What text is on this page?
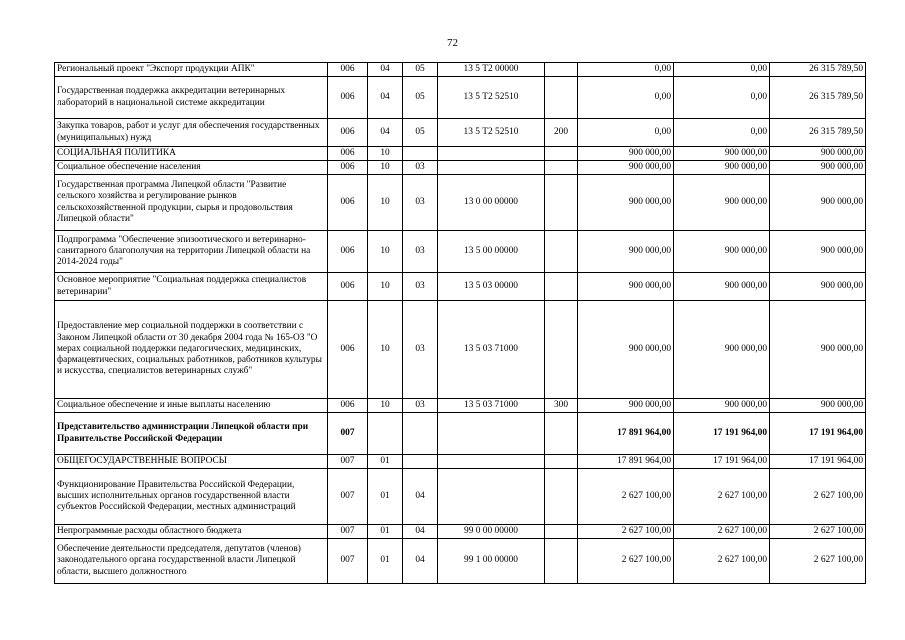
72
Региональный проект "Экспорт продукции АПК"	006	04	05	13 5 Т2 00000		0,00	0,00	26 315 789,50
Государственная поддержка аккредитации ветеринарных лабораторий в национальной системе аккредитации	006	04	05	13 5 Т2 52510		0,00	0,00	26 315 789,50
Закупка товаров, работ и услуг для обеспечения государственных (муниципальных) нужд	006	04	05	13 5 Т2 52510	200	0,00	0,00	26 315 789,50
СОЦИАЛЬНАЯ ПОЛИТИКА	006	10				900 000,00	900 000,00	900 000,00
Социальное обеспечение населения	006	10	03			900 000,00	900 000,00	900 000,00
Государственная программа Липецкой области "Развитие сельского хозяйства и регулирование рынков сельскохозяйственной продукции, сырья и продовольствия Липецкой области"	006	10	03	13 0 00 00000		900 000,00	900 000,00	900 000,00
Подпрограмма "Обеспечение эпизоотического и ветеринарно-санитарного благополучия на территории Липецкой области на 2014-2024 годы"	006	10	03	13 5 00 00000		900 000,00	900 000,00	900 000,00
Основное мероприятие "Социальная поддержка специалистов ветеринарии"	006	10	03	13 5 03 00000		900 000,00	900 000,00	900 000,00
Предоставление мер социальной поддержки в соответствии с Законом Липецкой области от 30 декабря 2004 года № 165-ОЗ "О мерах социальной поддержки педагогических, медицинских, фармацевтических, социальных работников, работников культуры и искусства, специалистов ветеринарных служб"	006	10	03	13 5 03 71000		900 000,00	900 000,00	900 000,00
Социальное обеспечение и иные выплаты населению	006	10	03	13 5 03 71000	300	900 000,00	900 000,00	900 000,00
Представительство администрации Липецкой области при Правительстве Российской Федерации	007					17 891 964,00	17 191 964,00	17 191 964,00
ОБЩЕГОСУДАРСТВЕННЫЕ ВОПРОСЫ	007	01				17 891 964,00	17 191 964,00	17 191 964,00
Функционирование Правительства Российской Федерации, высших исполнительных органов государственной власти субъектов Российской Федерации, местных администраций	007	01	04			2 627 100,00	2 627 100,00	2 627 100,00
Непрограммные расходы областного бюджета	007	01	04	99 0 00 00000		2 627 100,00	2 627 100,00	2 627 100,00
Обеспечение деятельности председателя, депутатов (членов) законодательного органа государственной власти Липецкой области, высшего должностного	007	01	04	99 1 00 00000		2 627 100,00	2 627 100,00	2 627 100,00
